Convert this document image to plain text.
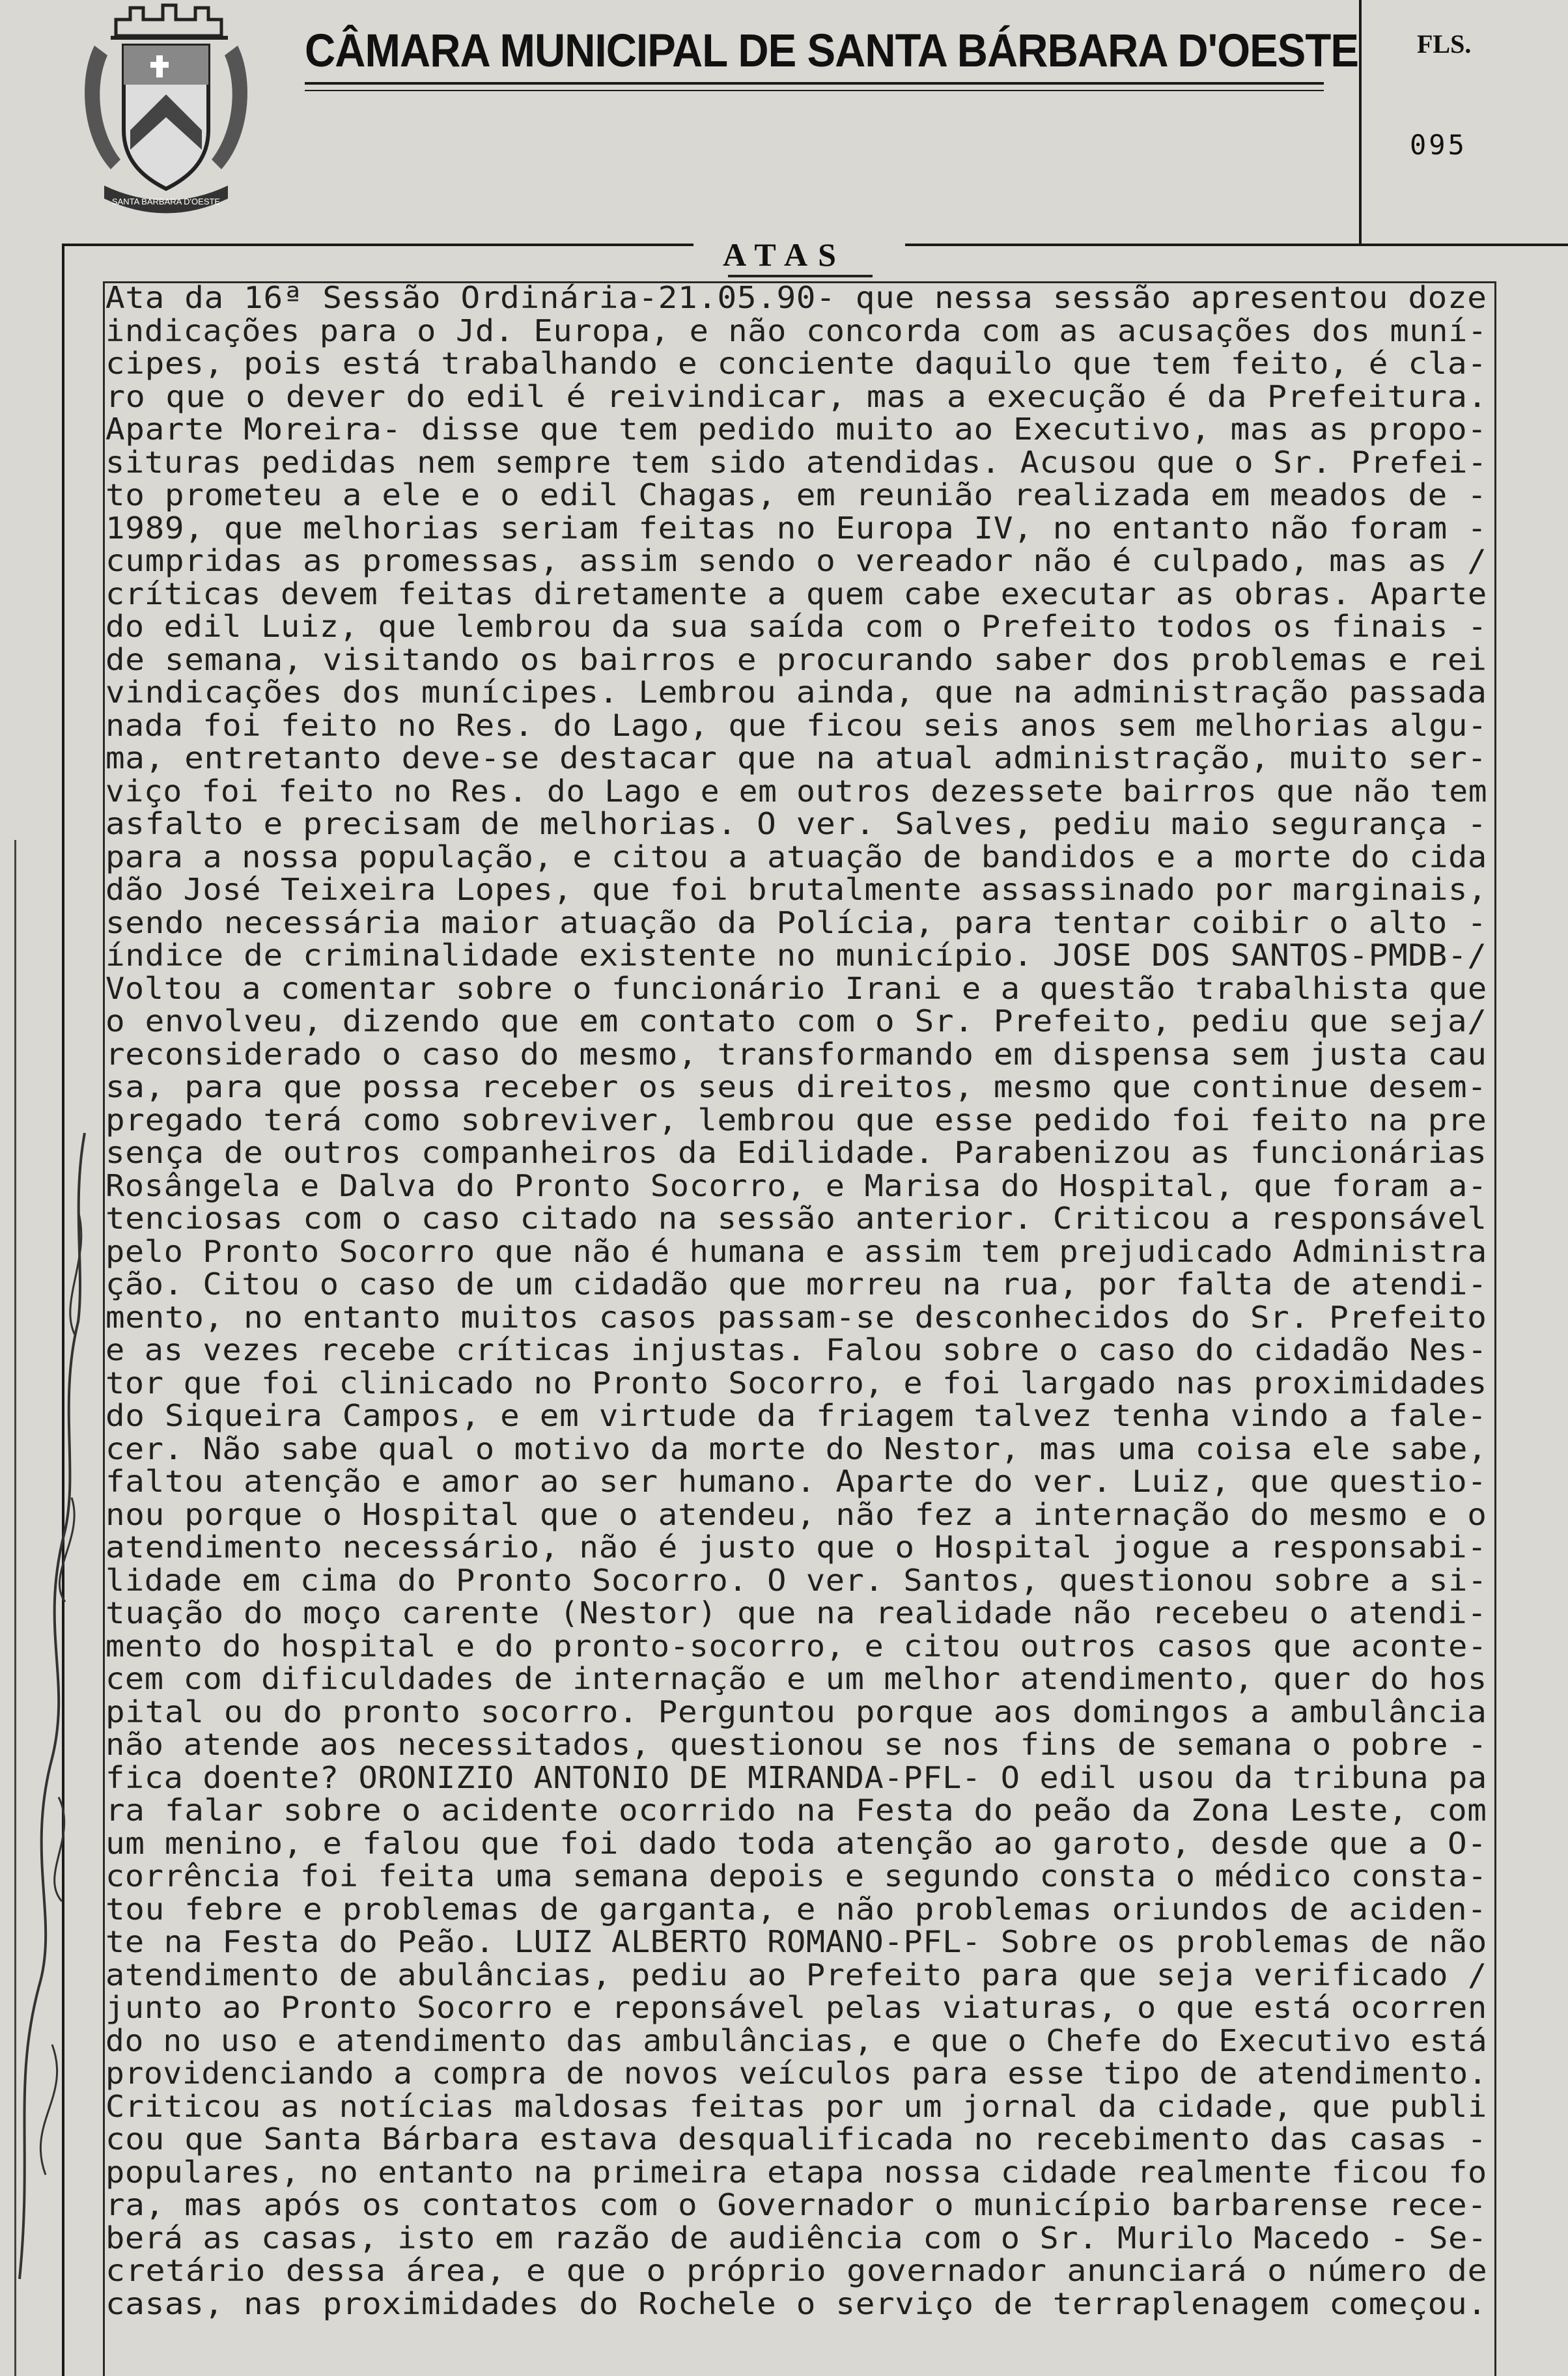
SANTA BARBARA D'OESTE
CÂMARA MUNICIPAL DE SANTA BÁRBARA D'OESTE FLS.
095
ATAS
Ata da 16ª Sessão Ordinária-21.05.90- que nessa sessão apresentou doze
indicações para o Jd. Europa, e não concorda com as acusações dos muní-
cipes, pois está trabalhando e conciente daquilo que tem feito, é cla-
ro que o dever do edil é reivindicar, mas a execução é da Prefeitura.
Aparte Moreira- disse que tem pedido muito ao Executivo, mas as propo-
situras pedidas nem sempre tem sido atendidas. Acusou que o Sr. Prefei-
to prometeu a ele e o edil Chagas, em reunião realizada em meados de -
1989, que melhorias seriam feitas no Europa IV, no entanto não foram -
cumpridas as promessas, assim sendo o vereador não é culpado, mas as /
críticas devem feitas diretamente a quem cabe executar as obras. Aparte
do edil Luiz, que lembrou da sua saída com o Prefeito todos os finais -
de semana, visitando os bairros e procurando saber dos problemas e rei
vindicações dos munícipes. Lembrou ainda, que na administração passada
nada foi feito no Res. do Lago, que ficou seis anos sem melhorias algu-
ma, entretanto deve-se destacar que na atual administração, muito ser-
viço foi feito no Res. do Lago e em outros dezessete bairros que não tem
asfalto e precisam de melhorias. O ver. Salves, pediu maio segurança -
para a nossa população, e citou a atuação de bandidos e a morte do cida
dão José Teixeira Lopes, que foi brutalmente assassinado por marginais,
sendo necessária maior atuação da Polícia, para tentar coibir o alto -
índice de criminalidade existente no município. JOSE DOS SANTOS-PMDB-/
Voltou a comentar sobre o funcionário Irani e a questão trabalhista que
o envolveu, dizendo que em contato com o Sr. Prefeito, pediu que seja/
reconsiderado o caso do mesmo, transformando em dispensa sem justa cau
sa, para que possa receber os seus direitos, mesmo que continue desem-
pregado terá como sobreviver, lembrou que esse pedido foi feito na pre
sença de outros companheiros da Edilidade. Parabenizou as funcionárias
Rosângela e Dalva do Pronto Socorro, e Marisa do Hospital, que foram a-
tenciosas com o caso citado na sessão anterior. Criticou a responsável
pelo Pronto Socorro que não é humana e assim tem prejudicado Administra
ção. Citou o caso de um cidadão que morreu na rua, por falta de atendi-
mento, no entanto muitos casos passam-se desconhecidos do Sr. Prefeito
e as vezes recebe críticas injustas. Falou sobre o caso do cidadão Nes-
tor que foi clinicado no Pronto Socorro, e foi largado nas proximidades
do Siqueira Campos, e em virtude da friagem talvez tenha vindo a fale-
cer. Não sabe qual o motivo da morte do Nestor, mas uma coisa ele sabe,
faltou atenção e amor ao ser humano. Aparte do ver. Luiz, que questio-
nou porque o Hospital que o atendeu, não fez a internação do mesmo e o
atendimento necessário, não é justo que o Hospital jogue a responsabi-
lidade em cima do Pronto Socorro. O ver. Santos, questionou sobre a si-
tuação do moço carente (Nestor) que na realidade não recebeu o atendi-
mento do hospital e do pronto-socorro, e citou outros casos que aconte-
cem com dificuldades de internação e um melhor atendimento, quer do hos
pital ou do pronto socorro. Perguntou porque aos domingos a ambulância
não atende aos necessitados, questionou se nos fins de semana o pobre -
fica doente? ORONIZIO ANTONIO DE MIRANDA-PFL- O edil usou da tribuna pa
ra falar sobre o acidente ocorrido na Festa do peão da Zona Leste, com
um menino, e falou que foi dado toda atenção ao garoto, desde que a O-
corrência foi feita uma semana depois e segundo consta o médico consta-
tou febre e problemas de garganta, e não problemas oriundos de aciden-
te na Festa do Peão. LUIZ ALBERTO ROMANO-PFL- Sobre os problemas de não
atendimento de abulâncias, pediu ao Prefeito para que seja verificado /
junto ao Pronto Socorro e reponsável pelas viaturas, o que está ocorren
do no uso e atendimento das ambulâncias, e que o Chefe do Executivo está
providenciando a compra de novos veículos para esse tipo de atendimento.
Criticou as notícias maldosas feitas por um jornal da cidade, que publi
cou que Santa Bárbara estava desqualificada no recebimento das casas -
populares, no entanto na primeira etapa nossa cidade realmente ficou fo
ra, mas após os contatos com o Governador o município barbarense rece-
berá as casas, isto em razão de audiência com o Sr. Murilo Macedo - Se-
cretário dessa área, e que o próprio governador anunciará o número de
casas, nas proximidades do Rochele o serviço de terraplenagem começou.
